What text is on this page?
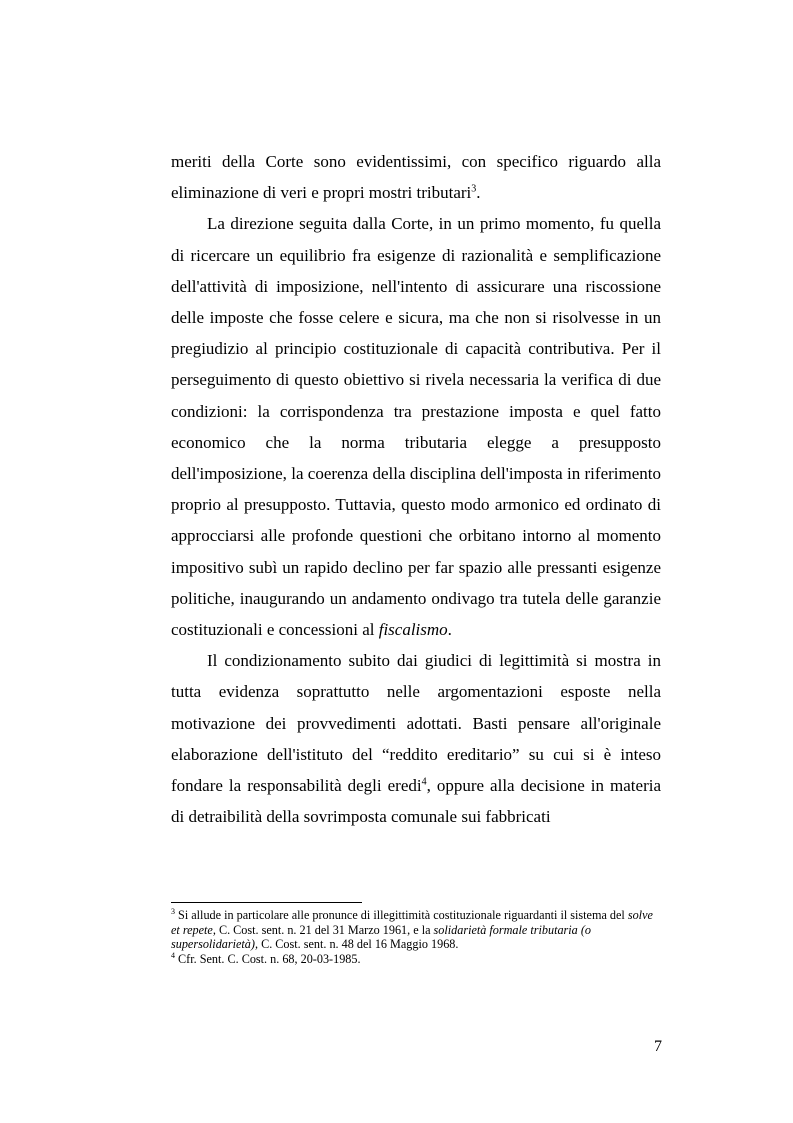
meriti della Corte sono evidentissimi, con specifico riguardo alla eliminazione di veri e propri mostri tributari$^3$.

La direzione seguita dalla Corte, in un primo momento, fu quella di ricercare un equilibrio fra esigenze di razionalità e semplificazione dell'attività di imposizione, nell'intento di assicurare una riscossione delle imposte che fosse celere e sicura, ma che non si risolvesse in un pregiudizio al principio costituzionale di capacità contributiva. Per il perseguimento di questo obiettivo si rivela necessaria la verifica di due condizioni: la corrispondenza tra prestazione imposta e quel fatto economico che la norma tributaria elegge a presupposto dell'imposizione, la coerenza della disciplina dell'imposta in riferimento proprio al presupposto. Tuttavia, questo modo armonico ed ordinato di approcciarsi alle profonde questioni che orbitano intorno al momento impositivo subì un rapido declino per far spazio alle pressanti esigenze politiche, inaugurando un andamento ondivago tra tutela delle garanzie costituzionali e concessioni al fiscalismo.

Il condizionamento subito dai giudici di legittimità si mostra in tutta evidenza soprattutto nelle argomentazioni esposte nella motivazione dei provvedimenti adottati. Basti pensare all'originale elaborazione dell'istituto del “reddito ereditario” su cui si è inteso fondare la responsabilità degli eredi$^4$, oppure alla decisione in materia di detraibilità della sovrimposta comunale sui fabbricati

$^3$ Si allude in particolare alle pronunce di illegittimità costituzionale riguardanti il sistema del solve et repete, C. Cost. sent. n. 21 del 31 Marzo 1961, e la solidarietà formale tributaria (o supersolidarietà), C. Cost. sent. n. 48 del 16 Maggio 1968.

$^4$ Cfr. Sent. C. Cost. n. 68, 20-03-1985.

7
